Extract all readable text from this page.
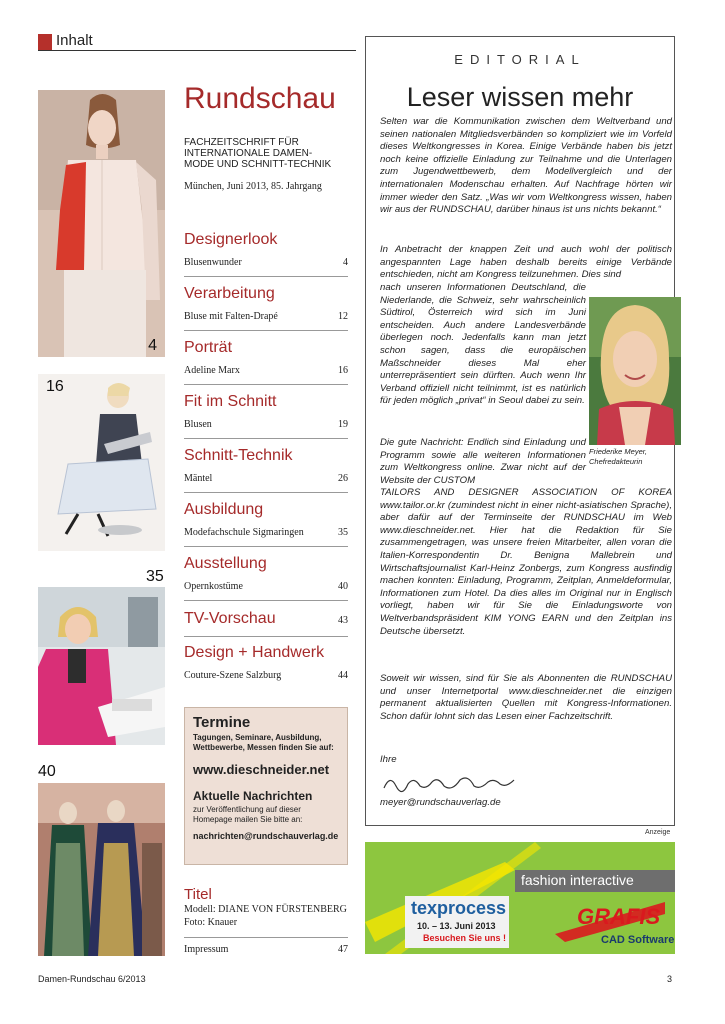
Inhalt
4
16
35
40
Rundschau
FACHZEITSCHRIFT FÜR
INTERNATIONALE DAMEN-
MODE UND SCHNITT-TECHNIK
München, Juni 2013, 85. Jahrgang
Designerlook
Blusenwunder	4
Verarbeitung
Bluse mit Falten-Drapé	12
Porträt
Adeline Marx	16
Fit im Schnitt
Blusen	19
Schnitt-Technik
Mäntel	26
Ausbildung
Modefachschule Sigmaringen	35
Ausstellung
Opernkostüme	40
TV-Vorschau	43
Design + Handwerk
Couture-Szene Salzburg	44
Termine
Tagungen, Seminare, Ausbildung,
Wettbewerbe, Messen finden Sie auf:
www.dieschneider.net
Aktuelle Nachrichten
zur Veröffentlichung auf dieser
Homepage mailen Sie bitte an:
nachrichten@rundschauverlag.de
Titel
Modell: DIANE VON FÜRSTENBERG
Foto: Knauer
Impressum	47
EDITORIAL
Leser wissen mehr
Selten war die Kommunikation zwischen dem Weltverband und seinen nationalen Mitgliedsverbänden so kompliziert wie im Vorfeld dieses Weltkongresses in Korea. Einige Verbände haben bis jetzt noch keine offizielle Einladung zur Teilnahme und die Unterlagen zum Jugendwettbewerb, dem Modellvergleich und der internationalen Modenschau erhalten. Auf Nachfrage hörten wir immer wieder den Satz. „Was wir vom Weltkongress wissen, haben wir aus der RUNDSCHAU, darüber hinaus ist uns nichts bekannt.“
In Anbetracht der knappen Zeit und auch wohl der politisch angespannten Lage haben deshalb bereits einige Verbände entschieden, nicht am Kongress teilzunehmen. Dies sind
nach unseren Informationen Deutschland, die Niederlande, die Schweiz, sehr wahrscheinlich Südtirol, Österreich wird sich im Juni entscheiden. Auch andere Landesverbände überlegen noch. Jedenfalls kann man jetzt schon sagen, dass die europäischen Maßschneider dieses Mal eher unterrepräsentiert sein dürften. Auch wenn Ihr Verband offiziell nicht teilnimmt, ist es natürlich für jeden möglich „privat“ in Seoul dabei zu sein.
Die gute Nachricht: Endlich sind Einladung und Programm sowie alle weiteren Informationen zum Weltkongress online. Zwar nicht auf der Website der CUSTOM
TAILORS AND DESIGNER ASSOCIATION OF KOREA www.tailor.or.kr (zumindest nicht in einer nicht-asiatischen Sprache), aber dafür auf der Terminseite der RUNDSCHAU im Web www.dieschneider.net. Hier hat die Redaktion für Sie zusammengetragen, was unsere freien Mitarbeiter, allen voran die Italien-Korrespondentin Dr. Benigna Mallebrein und Wirtschaftsjournalist Karl-Heinz Zonbergs, zum Kongress ausfindig machen konnten: Einladung, Programm, Zeitplan, Anmeldeformular, Informationen zum Hotel. Da dies alles im Original nur in Englisch vorliegt, haben wir für Sie die Einladungsworte von Weltverbandspräsident KIM YONG EARN und den Zeitplan ins Deutsche übersetzt.
Soweit wir wissen, sind für Sie als Abonnenten die RUNDSCHAU und unser Internetportal www.dieschneider.net die einzigen permanent aktualisierten Quellen mit Kongress-Informationen. Schon dafür lohnt sich das Lesen einer Fachzeitschrift.
Ihre
meyer@rundschauverlag.de
Friederike Meyer,
Chefredakteurin
Anzeige
fashion interactive
texprocess
10. – 13. Juni 2013
Besuchen Sie uns !
GRAFIS
CAD Software
Damen-Rundschau 6/2013	3
